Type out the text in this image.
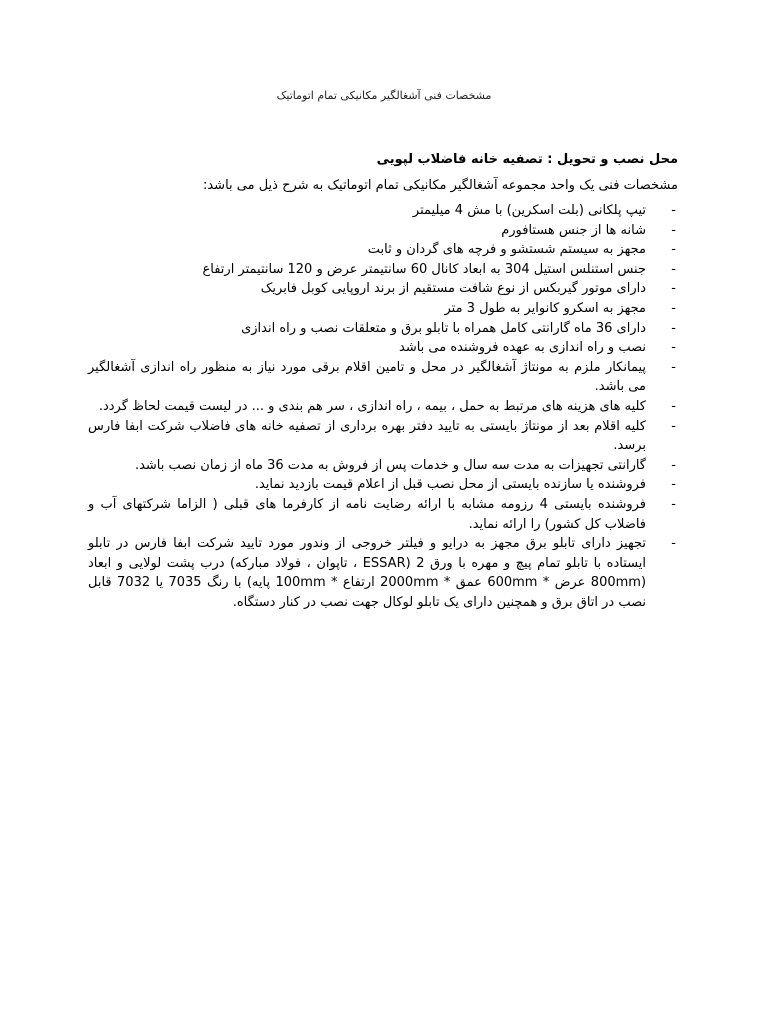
مشخصات فنی آشغالگیر مکانیکی تمام اتوماتیک
محل نصب و تحویل : تصفیه خانه فاضلاب لپویی
مشخصات فنی یک واحد مجموعه آشغالگیر مکانیکی تمام اتوماتیک به شرح ذیل می باشد:
-
تیپ پلکانی (بلت اسکرین) با مش 4 میلیمتر
-
شانه ها از جنس هستافورم
-
مجهز به سیستم شستشو و فرچه های گردان و ثابت
-
جنس استنلس استیل 304 به ابعاد کانال 60 سانتیمتر عرض و 120 سانتیمتر ارتفاع
-
دارای موتور گیربکس از نوع شافت مستقیم از برند اروپایی کوبل فابریک
-
مجهز به اسکرو کانوایر به طول 3 متر
-
دارای 36 ماه گارانتی کامل همراه با تابلو برق و متعلقات نصب و راه اندازی
-
نصب و راه اندازی به عهده فروشنده می باشد
-
پیمانکار ملزم به مونتاژ آشغالگیر در محل و تامین اقلام برقی مورد نیاز به منظور راه اندازی آشغالگیر می باشد.
-
کلیه های هزینه های مرتبط به حمل ، بیمه ، راه اندازی ، سر هم بندی و ... در لیست قیمت لحاظ گردد.
-
کلیه اقلام بعد از مونتاژ بایستی به تایید دفتر بهره برداری از تصفیه خانه های فاضلاب شرکت ابفا فارس برسد.
-
گارانتی تجهیزات به مدت سه سال و خدمات پس از فروش به مدت 36 ماه از زمان نصب باشد.
-
فروشنده یا سازنده بایستی از محل نصب قبل از اعلام قیمت بازدید نماید.
-
فروشنده بایستی 4 رزومه مشابه با ارائه رضایت نامه از کارفرما های قبلی ( الزاما شرکتهای آب و فاضلاب کل کشور) را ارائه نماید.
-
تجهیز دارای تابلو برق مجهز به درایو و فیلتر خروجی از وندور مورد تایید شرکت ابفا فارس در تابلو ایستاده با تابلو تمام پیچ و مهره با ورق 2 (ESSAR ، تاپوان ، فولاد مبارکه) درب پشت لولایی و ابعاد (800mm عرض * 600mm عمق * 2000mm ارتفاع * 100mm پایه) با رنگ 7035 یا 7032 قابل نصب در اتاق برق و همچنین دارای یک تابلو لوکال جهت نصب در کنار دستگاه.
